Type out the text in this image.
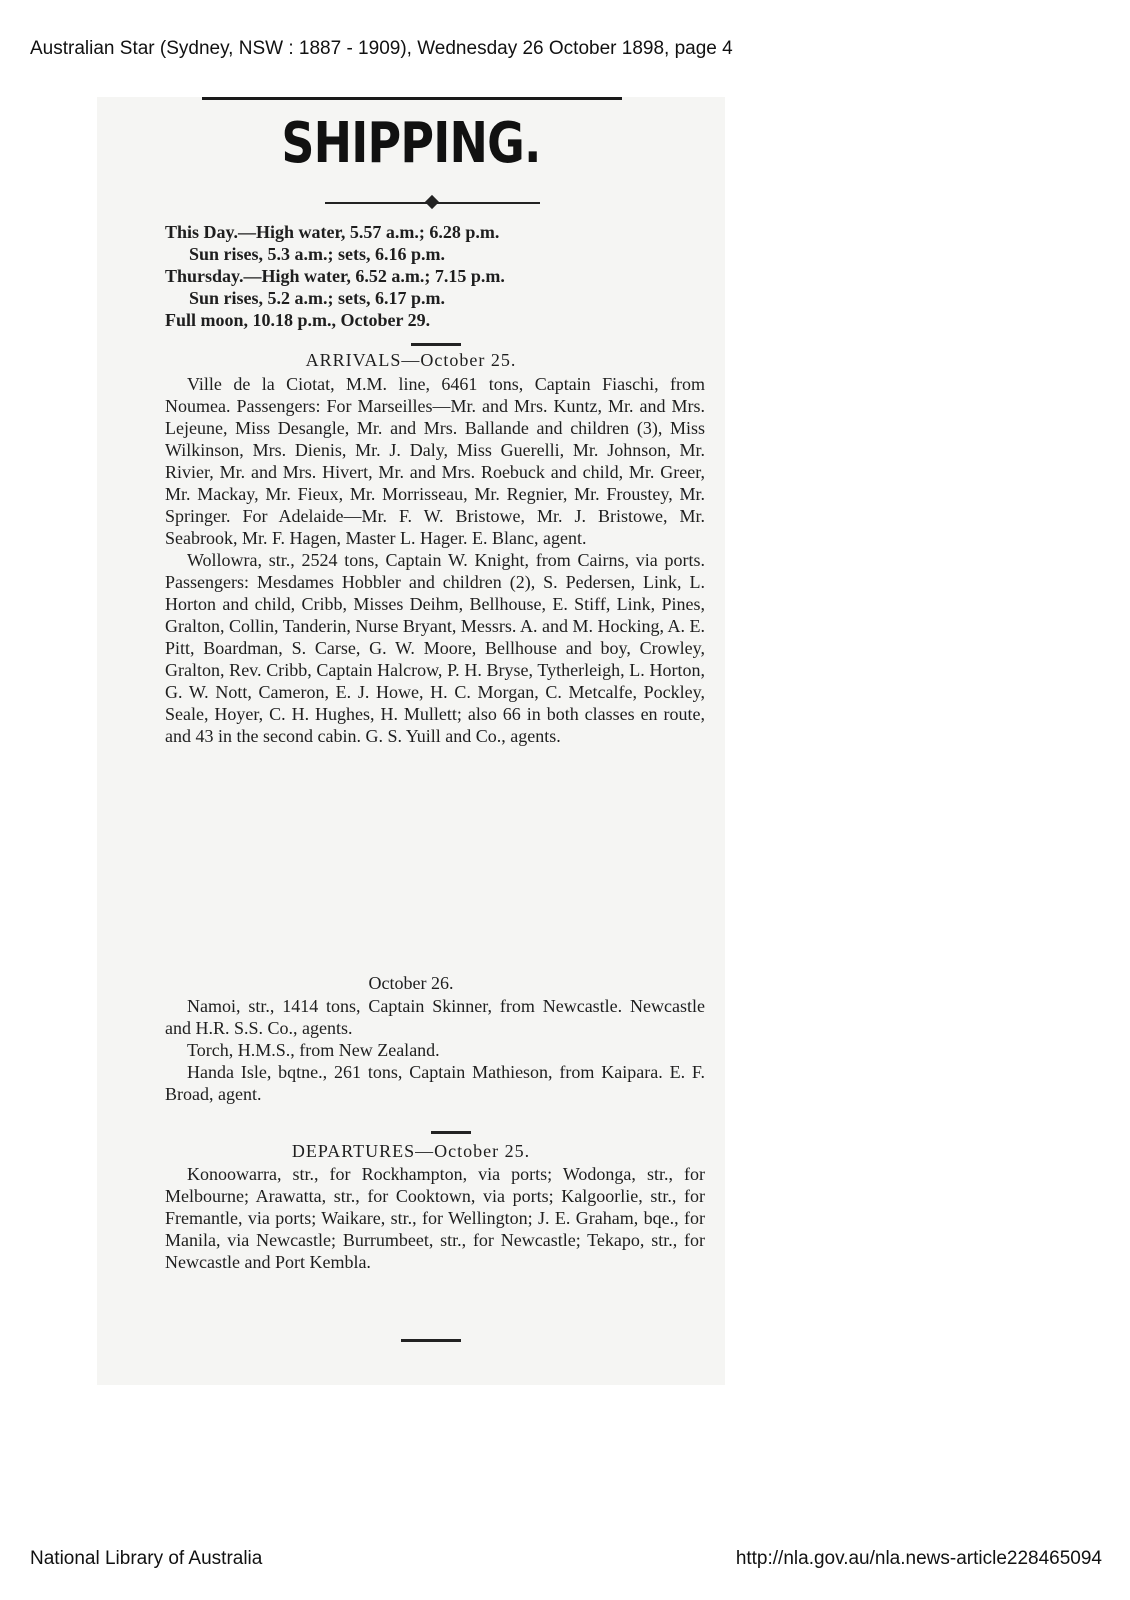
Australian Star (Sydney, NSW : 1887 - 1909), Wednesday 26 October 1898, page 4
SHIPPING.

This Day.—High water, 5.57 a.m.; 6.28 p.m.

Sun rises, 5.3 a.m.; sets, 6.16 p.m.

Thursday.—High water, 6.52 a.m.; 7.15 p.m.

Sun rises, 5.2 a.m.; sets, 6.17 p.m.

Full moon, 10.18 p.m., October 29.

ARRIVALS—October 25.

Ville de la Ciotat, M.M. line, 6461 tons, Captain Fiaschi, from Noumea. Passengers: For Marseilles—Mr. and Mrs. Kuntz, Mr. and Mrs. Lejeune, Miss Desangle, Mr. and Mrs. Ballande and children (3), Miss Wilkinson, Mrs. Dienis, Mr. J. Daly, Miss Guerelli, Mr. Johnson, Mr. Rivier, Mr. and Mrs. Hivert, Mr. and Mrs. Roebuck and child, Mr. Greer, Mr. Mackay, Mr. Fieux, Mr. Morrisseau, Mr. Regnier, Mr. Froustey, Mr. Springer. For Adelaide—Mr. F. W. Bristowe, Mr. J. Bristowe, Mr. Seabrook, Mr. F. Hagen, Master L. Hager. E. Blanc, agent.

Wollowra, str., 2524 tons, Captain W. Knight, from Cairns, via ports. Passengers: Mesdames Hobbler and children (2), S. Pedersen, Link, L. Horton and child, Cribb, Misses Deihm, Bellhouse, E. Stiff, Link, Pines, Gralton, Collin, Tanderin, Nurse Bryant, Messrs. A. and M. Hocking, A. E. Pitt, Boardman, S. Carse, G. W. Moore, Bellhouse and boy, Crowley, Gralton, Rev. Cribb, Captain Halcrow, P. H. Bryse, Tytherleigh, L. Horton, G. W. Nott, Cameron, E. J. Howe, H. C. Morgan, C. Metcalfe, Pockley, Seale, Hoyer, C. H. Hughes, H. Mullett; also 66 in both classes en route, and 43 in the second cabin. G. S. Yuill and Co., agents.

October 26.

Namoi, str., 1414 tons, Captain Skinner, from Newcastle. Newcastle and H.R. S.S. Co., agents.

Torch, H.M.S., from New Zealand.

Handa Isle, bqtne., 261 tons, Captain Mathieson, from Kaipara. E. F. Broad, agent.

DEPARTURES—October 25.

Konoowarra, str., for Rockhampton, via ports; Wodonga, str., for Melbourne; Arawatta, str., for Cooktown, via ports; Kalgoorlie, str., for Fremantle, via ports; Waikare, str., for Wellington; J. E. Graham, bqe., for Manila, via Newcastle; Burrumbeet, str., for Newcastle; Tekapo, str., for Newcastle and Port Kembla.

National Library of Australia	http://nla.gov.au/nla.news-article228465094
